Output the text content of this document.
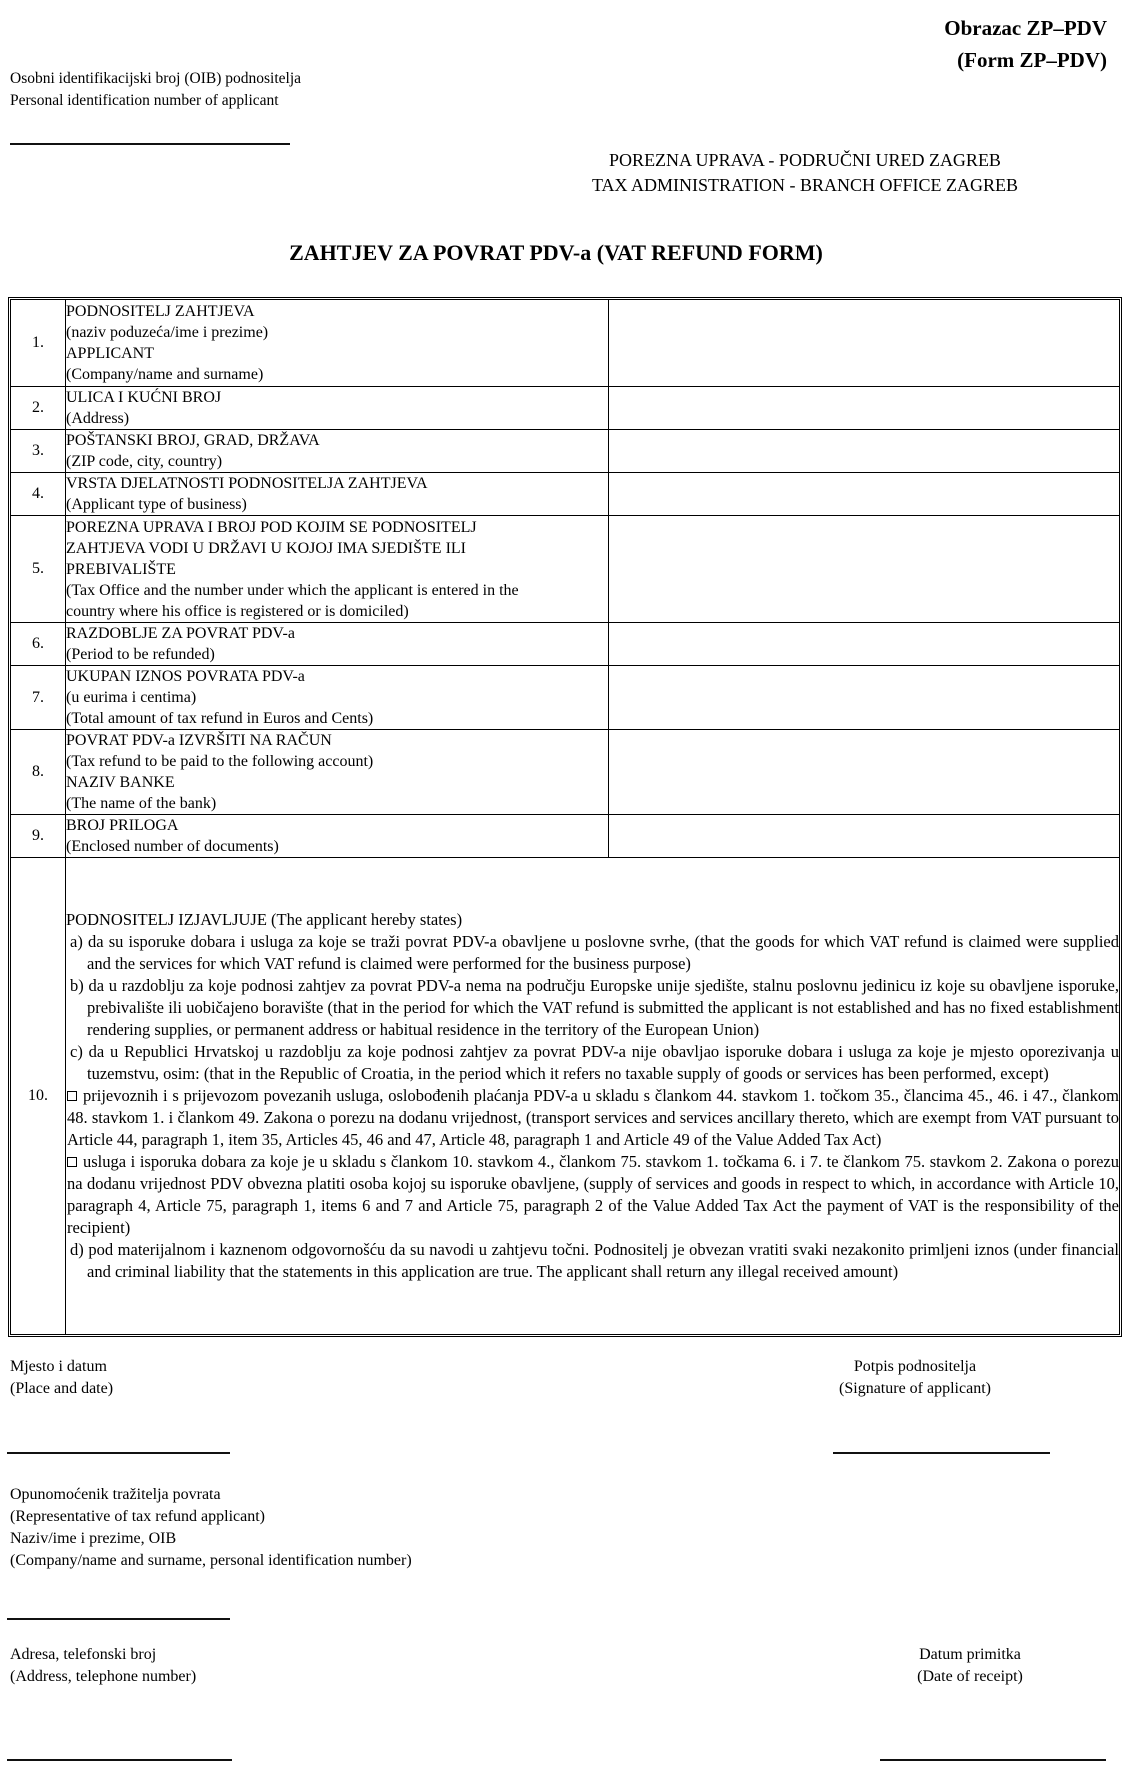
Obrazac ZP–PDV
(Form ZP–PDV)
Osobni identifikacijski broj (OIB) podnositelja
Personal identification number of applicant
POREZNA UPRAVA - PODRUČNI URED ZAGREB
TAX ADMINISTRATION - BRANCH OFFICE ZAGREB
ZAHTJEV ZA POVRAT PDV-a (VAT REFUND FORM)
1.	PODNOSITELJ ZAHTJEVA
(naziv poduzeća/ime i prezime)
APPLICANT
(Company/name and surname)	

2.	ULICA I KUĆNI BROJ
(Address)	

3.	POŠTANSKI BROJ, GRAD, DRŽAVA
(ZIP code, city, country)	

4.	VRSTA DJELATNOSTI PODNOSITELJA ZAHTJEVA
(Applicant type of business)	

5.	POREZNA UPRAVA I BROJ POD KOJIM SE PODNOSITELJ
ZAHTJEVA VODI U DRŽAVI U KOJOJ IMA SJEDIŠTE ILI
PREBIVALIŠTE
(Tax Office and the number under which the applicant is entered in the
country where his office is registered or is domiciled)	

6.	RAZDOBLJE ZA POVRAT PDV-a
(Period to be refunded)	

7.	UKUPAN IZNOS POVRATA PDV-a
(u eurima i centima)
(Total amount of tax refund in Euros and Cents)	

8.	POVRAT PDV-a IZVRŠITI NA RAČUN
(Tax refund to be paid to the following account)
NAZIV BANKE
(The name of the bank)	

9.	BROJ PRILOGA
(Enclosed number of documents)	

10.	
PODNOSITELJ IZJAVLJUJE (The applicant hereby states)
a) da su isporuke dobara i usluga za koje se traži povrat PDV-a obavljene u poslovne svrhe, (that the goods for which VAT refund is claimed were supplied and the services for which VAT refund is claimed were performed for the business purpose)
b) da u razdoblju za koje podnosi zahtjev za povrat PDV-a nema na području Europske unije sjedište, stalnu poslovnu jedinicu iz koje su obavljene isporuke, prebivalište ili uobičajeno boravište (that in the period for which the VAT refund is submitted the applicant is not established and has no fixed establishment rendering supplies, or permanent address or habitual residence in the territory of the European Union)
c) da u Republici Hrvatskoj u razdoblju za koje podnosi zahtjev za povrat PDV-a nije obavljao isporuke dobara i usluga za koje je mjesto oporezivanja u tuzemstvu, osim: (that in the Republic of Croatia, in the period which it refers no taxable supply of goods or services has been performed, except)
prijevoznih i s prijevozom povezanih usluga, oslobođenih plaćanja PDV-a u skladu s člankom 44. stavkom 1. točkom 35., člancima 45., 46. i 47., člankom 48. stavkom 1. i člankom 49. Zakona o porezu na dodanu vrijednost, (transport services and services ancillary thereto, which are exempt from VAT pursuant to Article 44, paragraph 1, item 35, Articles 45, 46 and 47, Article 48, paragraph 1 and Article 49 of the Value Added Tax Act)
usluga i isporuka dobara za koje je u skladu s člankom 10. stavkom 4., člankom 75. stavkom 1. točkama 6. i 7. te člankom 75. stavkom 2. Zakona o porezu na dodanu vrijednost PDV obvezna platiti osoba kojoj su isporuke obavljene, (supply of services and goods in respect to which, in accordance with Article 10, paragraph 4, Article 75, paragraph 1, items 6 and 7 and Article 75, paragraph 2 of the Value Added Tax Act the payment of VAT is the responsibility of the recipient)
d) pod materijalnom i kaznenom odgovornošću da su navodi u zahtjevu točni. Podnositelj je obvezan vratiti svaki nezakonito primljeni iznos (under financial and criminal liability that the statements in this application are true. The applicant shall return any illegal received amount)
Mjesto i datum
(Place and date)
Potpis podnositelja
(Signature of applicant)
Opunomoćenik tražitelja povrata
(Representative of tax refund applicant)
Naziv/ime i prezime, OIB
(Company/name and surname, personal identification number)
Adresa, telefonski broj
(Address, telephone number)
Datum primitka
(Date of receipt)
